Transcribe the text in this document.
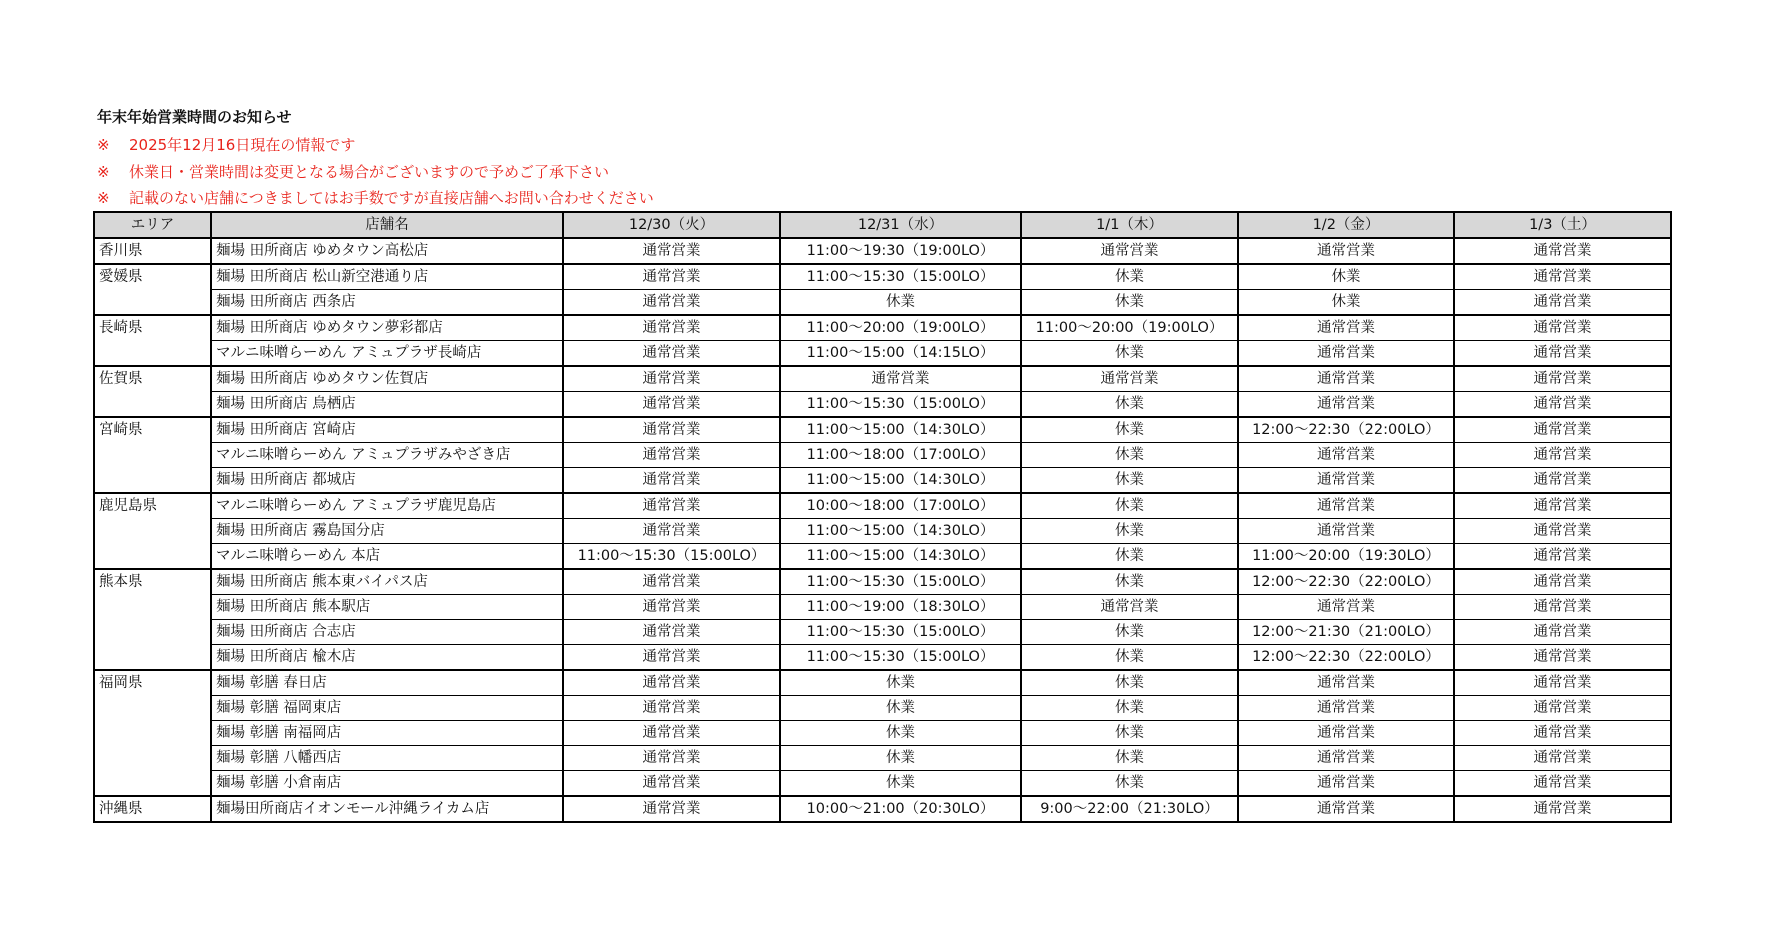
年末年始営業時間のお知らせ
※ 2025年12月16日現在の情報です
※ 休業日・営業時間は変更となる場合がございますので予めご了承下さい
※ 記載のない店舗につきましてはお手数ですが直接店舗へお問い合わせください
エリア	店舗名	12/30（火）	12/31（水）	1/1（木）	1/2（金）	1/3（土）
香川県	麺場 田所商店 ゆめタウン高松店	通常営業	11:00〜19:30（19:00LO）	通常営業	通常営業	通常営業
愛媛県	麺場 田所商店 松山新空港通り店	通常営業	11:00〜15:30（15:00LO）	休業	休業	通常営業
	麺場 田所商店 西条店	通常営業	休業	休業	休業	通常営業
長崎県	麺場 田所商店 ゆめタウン夢彩都店	通常営業	11:00〜20:00（19:00LO）	11:00〜20:00（19:00LO）	通常営業	通常営業
	マルニ味噌らーめん アミュプラザ長崎店	通常営業	11:00〜15:00（14:15LO）	休業	通常営業	通常営業
佐賀県	麺場 田所商店 ゆめタウン佐賀店	通常営業	通常営業	通常営業	通常営業	通常営業
	麺場 田所商店 鳥栖店	通常営業	11:00〜15:30（15:00LO）	休業	通常営業	通常営業
宮崎県	麺場 田所商店 宮崎店	通常営業	11:00〜15:00（14:30LO）	休業	12:00〜22:30（22:00LO）	通常営業
	マルニ味噌らーめん アミュプラザみやざき店	通常営業	11:00〜18:00（17:00LO）	休業	通常営業	通常営業
	麺場 田所商店 都城店	通常営業	11:00〜15:00（14:30LO）	休業	通常営業	通常営業
鹿児島県	マルニ味噌らーめん アミュプラザ鹿児島店	通常営業	10:00〜18:00（17:00LO）	休業	通常営業	通常営業
	麺場 田所商店 霧島国分店	通常営業	11:00〜15:00（14:30LO）	休業	通常営業	通常営業
	マルニ味噌らーめん 本店	11:00〜15:30（15:00LO）	11:00〜15:00（14:30LO）	休業	11:00〜20:00（19:30LO）	通常営業
熊本県	麺場 田所商店 熊本東バイパス店	通常営業	11:00〜15:30（15:00LO）	休業	12:00〜22:30（22:00LO）	通常営業
	麺場 田所商店 熊本駅店	通常営業	11:00〜19:00（18:30LO）	通常営業	通常営業	通常営業
	麺場 田所商店 合志店	通常営業	11:00〜15:30（15:00LO）	休業	12:00〜21:30（21:00LO）	通常営業
	麺場 田所商店 楡木店	通常営業	11:00〜15:30（15:00LO）	休業	12:00〜22:30（22:00LO）	通常営業
福岡県	麺場 彰膳 春日店	通常営業	休業	休業	通常営業	通常営業
	麺場 彰膳 福岡東店	通常営業	休業	休業	通常営業	通常営業
	麺場 彰膳 南福岡店	通常営業	休業	休業	通常営業	通常営業
	麺場 彰膳 八幡西店	通常営業	休業	休業	通常営業	通常営業
	麺場 彰膳 小倉南店	通常営業	休業	休業	通常営業	通常営業
沖縄県	麺場田所商店イオンモール沖縄ライカム店	通常営業	10:00〜21:00（20:30LO）	9:00〜22:00（21:30LO）	通常営業	通常営業
